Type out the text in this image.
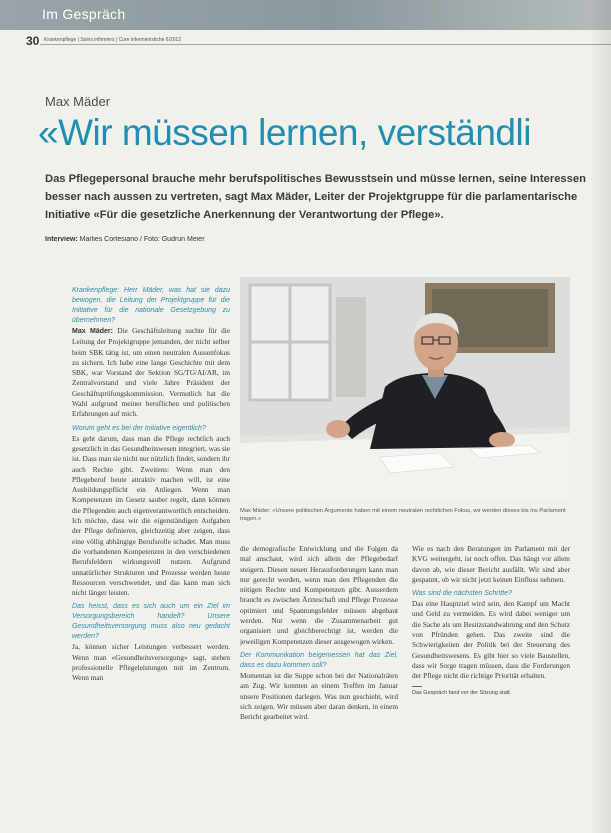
Im Gespräch
30 Krankenpflege | Soins infirmiers | Cure infermieristiche 6/2012
Max Mäder
«Wir müssen lernen, verständli
Das Pflegepersonal brauche mehr berufspolitisches Bewusstsein und müsse lernen, seine Interessen besser nach aussen zu vertreten, sagt Max Mäder, Leiter der Projektgruppe für die parlamentarische Initiative «Für die gesetzliche Anerkennung der Verantwortung der Pflege».
Interview: Marlies Cortesiano / Foto: Gudrun Meier
Max Mäder: «Unsere politischen Argumente haben mit einem neutralen rechtlichen Fokus, wir werden dieses bis ins Parlament tragen.»

Krankenpflege: Herr Mäder, was hat sie dazu bewogen, die Leitung der Projektgruppe für die Initiative für die nationale Gesetzgebung zu übernehmen?

Max Mäder: Die Geschäftsleitung suchte für die Leitung der Projektgruppe jemanden, der nicht selber beim SBK tätig ist, um einen neutralen Aussenfokus zu sichern. Ich habe eine lange Geschichte mit dem SBK, war Vorstand der Sektion SG/TG/AI/AR, im Zentralvorstand und viele Jahre Präsident der Geschäftsprüfungskommission. Vermutlich hat die Wahl aufgrund meiner beruflichen und politischen Erfahrungen auf mich.

Worum geht es bei der Initiative eigentlich?

Es geht darum, dass man die Pflege rechtlich auch gesetzlich in das Gesundheitswesen integriert, was sie ist. Dass man sie nicht nur nützlich findet, sondern ihr auch Rechte gibt. Zweitens: Wenn man den Pflegeberuf heute attraktiv machen will, ist eine Ausbildungspflicht ein Anliegen. Wenn man Kompetenzen im Gesetz sauber regelt, dann können die Pflegenden auch eigenverantwortlich entscheiden. Ich möchte, dass wir die eigenständigen Aufgaben der Pflege definieren, gleichzeitig aber zeigen, dass eine völlig abhängige Berufsrolle schadet. Man muss die vorhandenen Kompetenzen in den verschiedenen Berufsfeldern wirkungsvoll nutzen. Aufgrund unnatürlicher Strukturen und Prozesse werden heute Ressourcen verschwendet, und das kann man sich nicht länger leisten.

Das heisst, dass es sich auch um ein Ziel im Versorgungsbereich handelt? Unsere Gesundheitsversorgung muss also neu gedacht werden?

Ja, können sicher Leistungen verbessert werden. Wenn man «Gesundheitsversorgung» sagt, stehen professionelle Pflegeleistungen mit im Zentrum. Wenn man

die demografische Entwicklung und die Folgen da mal anschaut, wird sich allein der Pflegebedarf steigern. Diesen neuen Herausforderungen kann man nur gerecht werden, wenn man den Pflegenden die nötigen Rechte und Kompetenzen gibt. Ausserdem braucht es zwischen Ärzteschaft und Pflege Prozesse optimiert und Spannungsfelder müssen abgebaut werden. Nur wenn die Zusammenarbeit gut organisiert und gleichberechtigt ist, werden die jeweiligen Kompetenzen dieser ausgewogen wirken.

Der Kommunikation beigemessen hat das Ziel, dass es dazu kommen soll?

Momentan ist die Suppe schon bei der Nationalräten am Zug. Wir konnten an einem Treffen im Januar unsere Positionen darlegen. Was nun geschieht, wird sich zeigen. Wir müssen aber daran denken, in einem Bericht gearbeitet wird.

Wie es nach den Beratungen im Parlament mit der KVG weitergeht, ist noch offen. Das hängt vor allem davon ab, wie dieser Bericht ausfällt. Wir sind aber gespannt, ob wir nicht jetzt keinen Einfluss nehmen.

Was sind die nächsten Schritte?

Das eine Hauptziel wird sein, den Kampf um Macht und Geld zu vermeiden. Es wird dabei weniger um die Sache als um Besitzstandwahrung und den Schutz von Pfründen gehen. Das zweite sind die Schwierigkeiten der Politik bei der Steuerung des Gesundheitswesens. Es gibt hier so viele Baustellen, dass wir Sorge tragen müssen, dass die Forderungen der Pflege nicht die richtige Priorität erhalten.

Das Gespräch fand vor der Sitzung statt.
